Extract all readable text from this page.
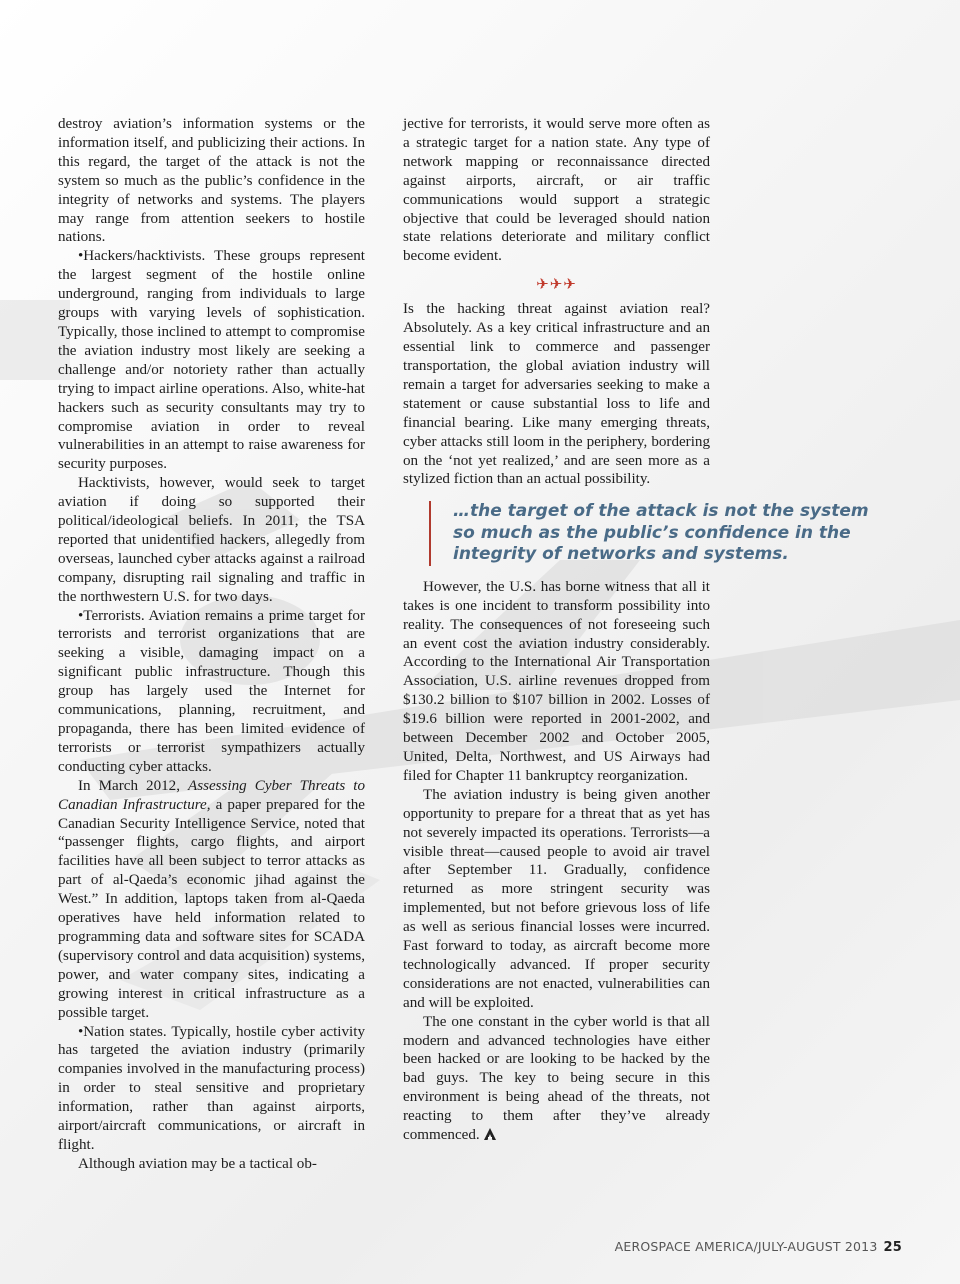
destroy aviation’s information systems or the information itself, and publicizing their actions. In this regard, the target of the attack is not the system so much as the public’s confidence in the integrity of networks and systems. The players may range from attention seekers to hostile nations.

•Hackers/hacktivists. These groups represent the largest segment of the hostile online underground, ranging from individuals to large groups with varying levels of sophistication. Typically, those inclined to attempt to compromise the aviation industry most likely are seeking a challenge and/or notoriety rather than actually trying to impact airline operations. Also, white-hat hackers such as security consultants may try to compromise aviation in order to reveal vulnerabilities in an attempt to raise awareness for security purposes.

Hacktivists, however, would seek to target aviation if doing so supported their political/ideological beliefs. In 2011, the TSA reported that unidentified hackers, allegedly from overseas, launched cyber attacks against a railroad company, disrupting rail signaling and traffic in the northwestern U.S. for two days.

•Terrorists. Aviation remains a prime target for terrorists and terrorist organizations that are seeking a visible, damaging impact on a significant public infrastructure. Though this group has largely used the Internet for communications, planning, recruitment, and propaganda, there has been limited evidence of terrorists or terrorist sympathizers actually conducting cyber attacks.

In March 2012, Assessing Cyber Threats to Canadian Infrastructure, a paper prepared for the Canadian Security Intelligence Service, noted that “passenger flights, cargo flights, and airport facilities have all been subject to terror attacks as part of al-Qaeda’s economic jihad against the West.” In addition, laptops taken from al-Qaeda operatives have held information related to programming data and software sites for SCADA (supervisory control and data acquisition) systems, power, and water company sites, indicating a growing interest in critical infrastructure as a possible target.

•Nation states. Typically, hostile cyber activity has targeted the aviation industry (primarily companies involved in the manufacturing process) in order to steal sensitive and proprietary information, rather than against airports, airport/aircraft communications, or aircraft in flight.

Although aviation may be a tactical ob-

jective for terrorists, it would serve more often as a strategic target for a nation state. Any type of network mapping or reconnaissance directed against airports, aircraft, or air traffic communications would support a strategic objective that could be leveraged should nation state relations deteriorate and military conflict become evident.

✈✈✈

Is the hacking threat against aviation real? Absolutely. As a key critical infrastructure and an essential link to commerce and passenger transportation, the global aviation industry will remain a target for adversaries seeking to make a statement or cause substantial loss to life and financial bearing. Like many emerging threats, cyber attacks still loom in the periphery, bordering on the ‘not yet realized,’ and are seen more as a stylized fiction than an actual possibility.

…the target of the attack is not the system so much as the public’s confidence in the integrity of networks and systems.

However, the U.S. has borne witness that all it takes is one incident to transform possibility into reality. The consequences of not foreseeing such an event cost the aviation industry considerably. According to the International Air Transportation Association, U.S. airline revenues dropped from $130.2 billion to $107 billion in 2002. Losses of $19.6 billion were reported in 2001-2002, and between December 2002 and October 2005, United, Delta, Northwest, and US Airways had filed for Chapter 11 bankruptcy reorganization.

The aviation industry is being given another opportunity to prepare for a threat that as yet has not severely impacted its operations. Terrorists—a visible threat—caused people to avoid air travel after September 11. Gradually, confidence returned as more stringent security was implemented, but not before grievous loss of life as well as serious financial losses were incurred. Fast forward to today, as aircraft become more technologically advanced. If proper security considerations are not enacted, vulnerabilities can and will be exploited.

The one constant in the cyber world is that all modern and advanced technologies have either been hacked or are looking to be hacked by the bad guys. The key to being secure in this environment is being ahead of the threats, not reacting to them after they’ve already commenced.

AEROSPACE AMERICA/JULY-AUGUST 2013 25
